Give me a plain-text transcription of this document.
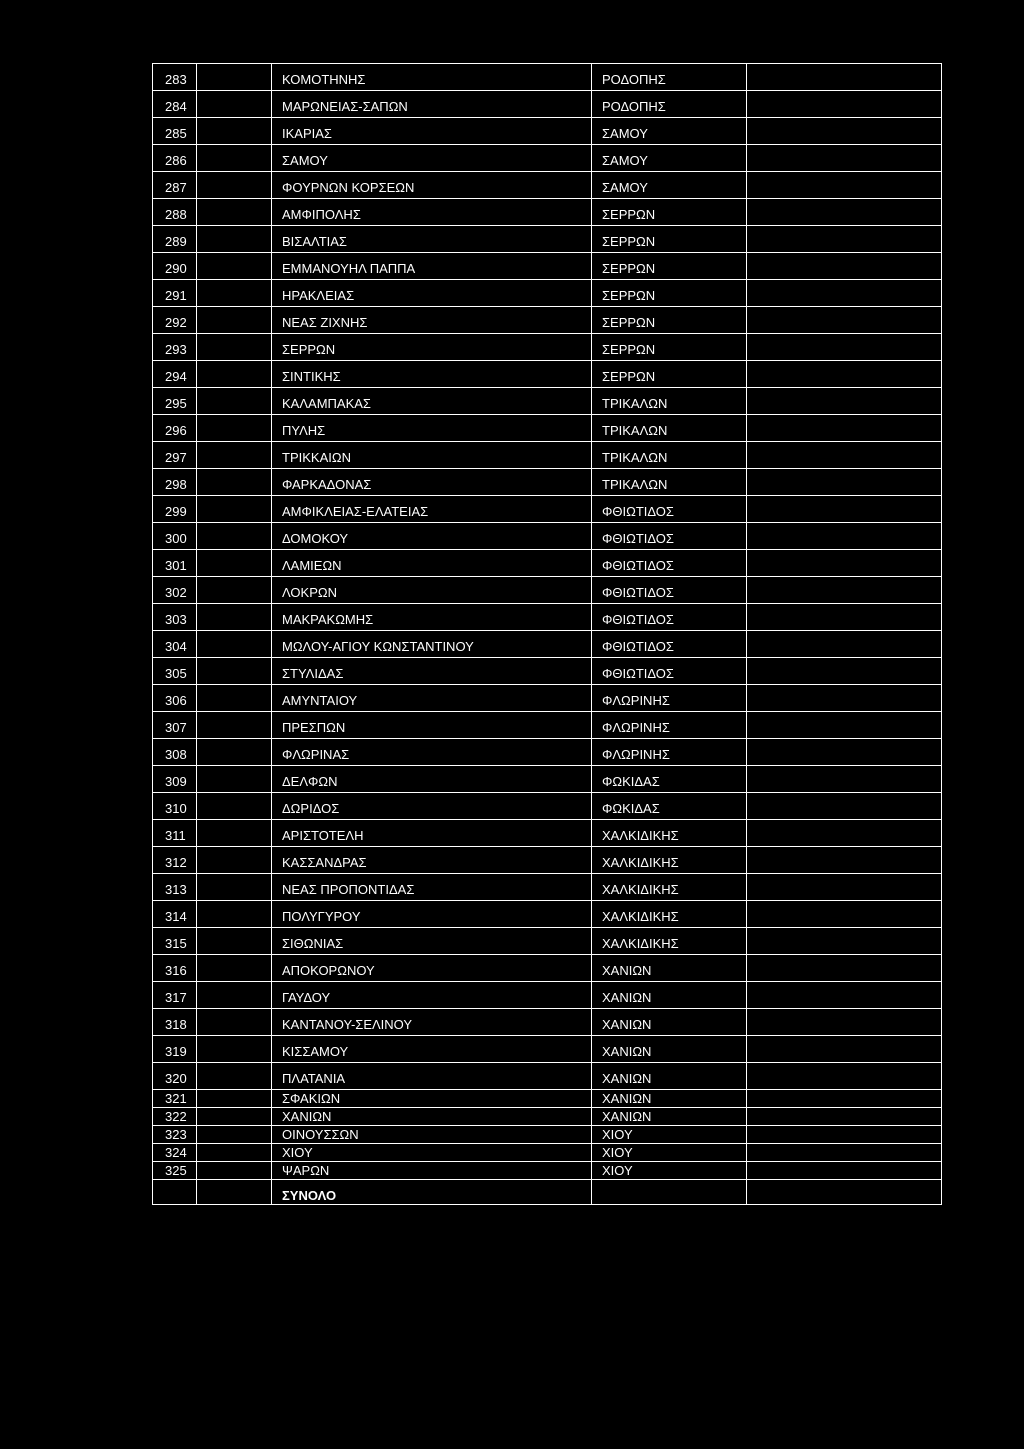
283		ΚΟΜΟΤΗΝΗΣ	ΡΟΔΟΠΗΣ	
284		ΜΑΡΩΝΕΙΑΣ-ΣΑΠΩΝ	ΡΟΔΟΠΗΣ	
285		ΙΚΑΡΙΑΣ	ΣΑΜΟΥ	
286		ΣΑΜΟΥ	ΣΑΜΟΥ	
287		ΦΟΥΡΝΩΝ ΚΟΡΣΕΩΝ	ΣΑΜΟΥ	
288		ΑΜΦΙΠΟΛΗΣ	ΣΕΡΡΩΝ	
289		ΒΙΣΑΛΤΙΑΣ	ΣΕΡΡΩΝ	
290		ΕΜΜΑΝΟΥΗΛ ΠΑΠΠΑ	ΣΕΡΡΩΝ	
291		ΗΡΑΚΛΕΙΑΣ	ΣΕΡΡΩΝ	
292		ΝΕΑΣ ΖΙΧΝΗΣ	ΣΕΡΡΩΝ	
293		ΣΕΡΡΩΝ	ΣΕΡΡΩΝ	
294		ΣΙΝΤΙΚΗΣ	ΣΕΡΡΩΝ	
295		ΚΑΛΑΜΠΑΚΑΣ	ΤΡΙΚΑΛΩΝ	
296		ΠΥΛΗΣ	ΤΡΙΚΑΛΩΝ	
297		ΤΡΙΚΚΑΙΩΝ	ΤΡΙΚΑΛΩΝ	
298		ΦΑΡΚΑΔΟΝΑΣ	ΤΡΙΚΑΛΩΝ	
299		ΑΜΦΙΚΛΕΙΑΣ-ΕΛΑΤΕΙΑΣ	ΦΘΙΩΤΙΔΟΣ	
300		ΔΟΜΟΚΟΥ	ΦΘΙΩΤΙΔΟΣ	
301		ΛΑΜΙΕΩΝ	ΦΘΙΩΤΙΔΟΣ	
302		ΛΟΚΡΩΝ	ΦΘΙΩΤΙΔΟΣ	
303		ΜΑΚΡΑΚΩΜΗΣ	ΦΘΙΩΤΙΔΟΣ	
304		ΜΩΛΟΥ-ΑΓΙΟΥ ΚΩΝΣΤΑΝΤΙΝΟΥ	ΦΘΙΩΤΙΔΟΣ	
305		ΣΤΥΛΙΔΑΣ	ΦΘΙΩΤΙΔΟΣ	
306		ΑΜΥΝΤΑΙΟΥ	ΦΛΩΡΙΝΗΣ	
307		ΠΡΕΣΠΩΝ	ΦΛΩΡΙΝΗΣ	
308		ΦΛΩΡΙΝΑΣ	ΦΛΩΡΙΝΗΣ	
309		ΔΕΛΦΩΝ	ΦΩΚΙΔΑΣ	
310		ΔΩΡΙΔΟΣ	ΦΩΚΙΔΑΣ	
311		ΑΡΙΣΤΟΤΕΛΗ	ΧΑΛΚΙΔΙΚΗΣ	
312		ΚΑΣΣΑΝΔΡΑΣ	ΧΑΛΚΙΔΙΚΗΣ	
313		ΝΕΑΣ ΠΡΟΠΟΝΤΙΔΑΣ	ΧΑΛΚΙΔΙΚΗΣ	
314		ΠΟΛΥΓΥΡΟΥ	ΧΑΛΚΙΔΙΚΗΣ	
315		ΣΙΘΩΝΙΑΣ	ΧΑΛΚΙΔΙΚΗΣ	
316		ΑΠΟΚΟΡΩΝΟΥ	ΧΑΝΙΩΝ	
317		ΓΑΥΔΟΥ	ΧΑΝΙΩΝ	
318		ΚΑΝΤΑΝΟΥ-ΣΕΛΙΝΟΥ	ΧΑΝΙΩΝ	
319		ΚΙΣΣΑΜΟΥ	ΧΑΝΙΩΝ	
320		ΠΛΑΤΑΝΙΑ	ΧΑΝΙΩΝ	
321		ΣΦΑΚΙΩΝ	ΧΑΝΙΩΝ	
322		ΧΑΝΙΩΝ	ΧΑΝΙΩΝ	
323		ΟΙΝΟΥΣΣΩΝ	ΧΙΟΥ	
324		ΧΙΟΥ	ΧΙΟΥ	
325		ΨΑΡΩΝ	ΧΙΟΥ	
		ΣΥΝΟΛΟ		
